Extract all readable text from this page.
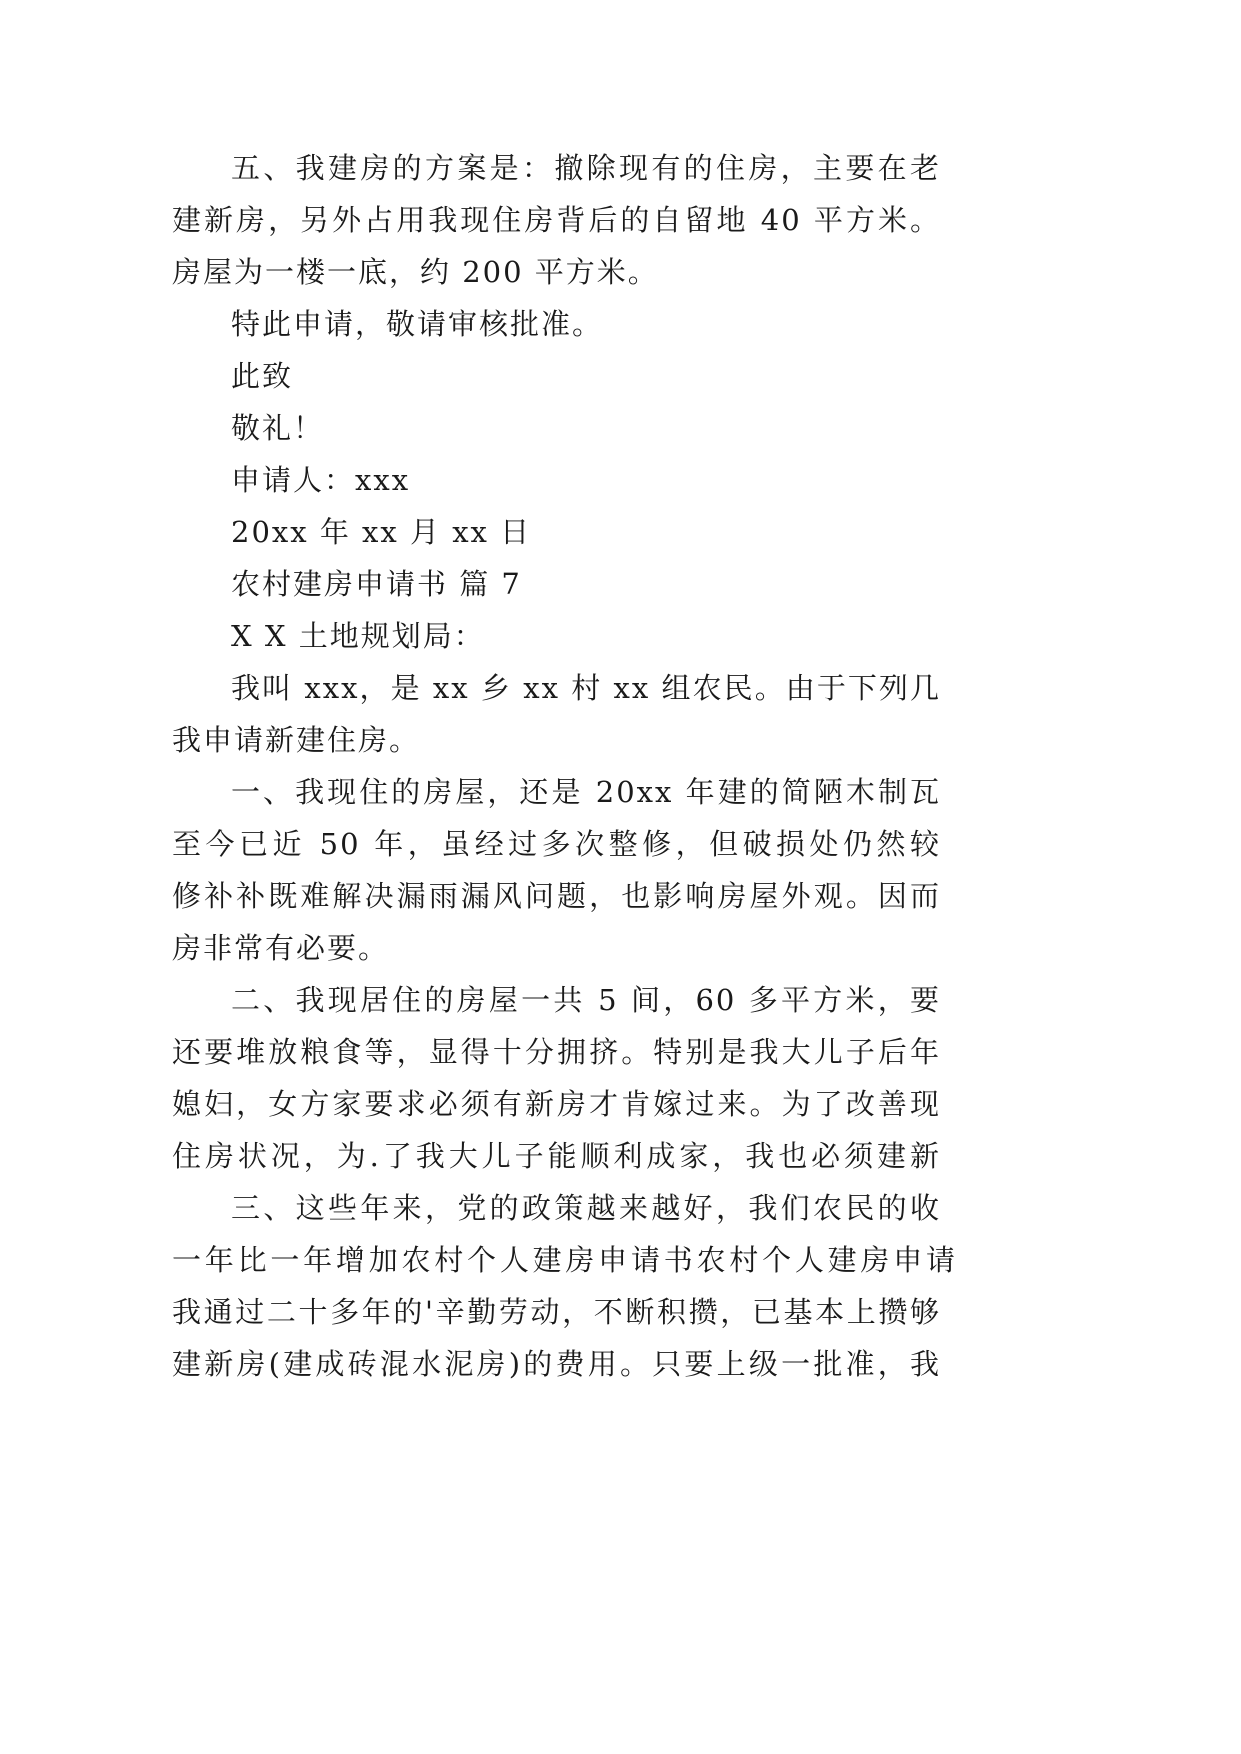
五、我建房的方案是：撤除现有的住房，主要在老
建新房，另外占用我现住房背后的自留地 40 平方米。
房屋为一楼一底，约 200 平方米。
特此申请，敬请审核批准。
此致
敬礼！
申请人：xxx
20xx 年 xx 月 xx 日
农村建房申请书 篇 7
X X 土地规划局：
我叫 xxx，是 xx 乡 xx 村 xx 组农民。由于下列几
我申请新建住房。
一、我现住的房屋，还是 20xx 年建的简陋木制瓦
至今已近 50 年，虽经过多次整修，但破损处仍然较
修补补既难解决漏雨漏风问题，也影响房屋外观。因而
房非常有必要。
二、我现居住的房屋一共 5 间，60 多平方米，要
还要堆放粮食等，显得十分拥挤。特别是我大儿子后年
媳妇，女方家要求必须有新房才肯嫁过来。为了改善现
住房状况，为.了我大儿子能顺利成家，我也必须建新
三、这些年来，党的政策越来越好，我们农民的收
一年比一年增加农村个人建房申请书农村个人建房申请
我通过二十多年的'辛勤劳动，不断积攒，已基本上攒够
建新房(建成砖混水泥房)的费用。只要上级一批准，我
